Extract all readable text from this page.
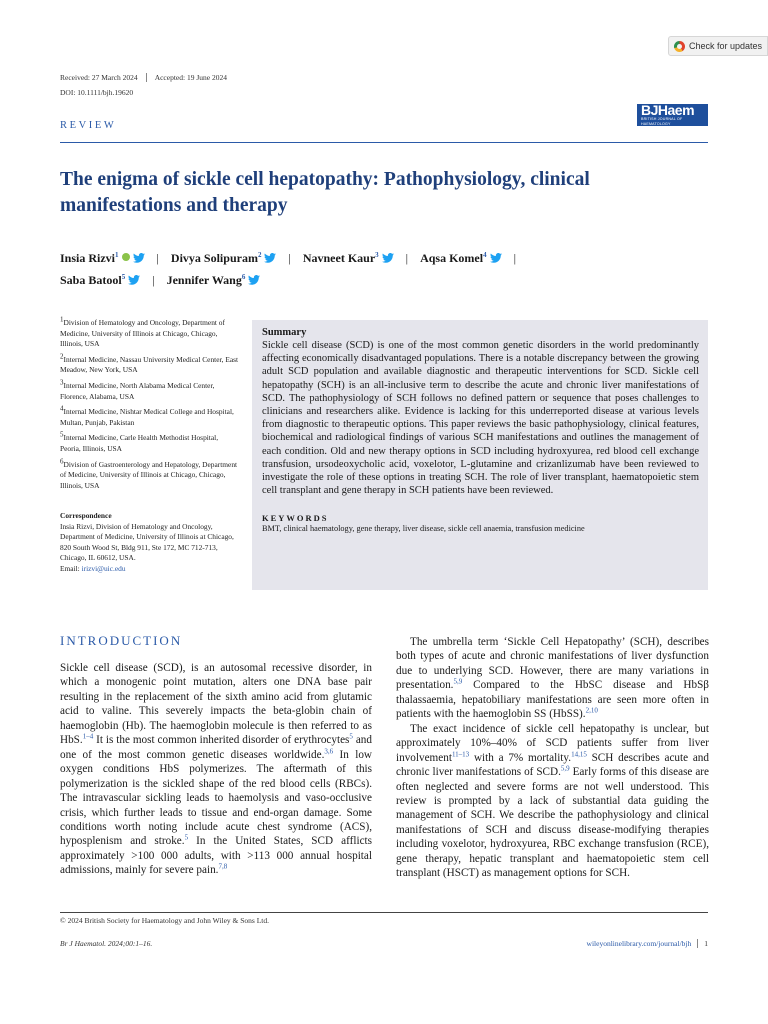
Check for updates
Received: 27 March 2024 Accepted: 19 June 2024
DOI: 10.1111/bjh.19620
REVIEW
BJHaem
BRITISH JOURNAL OF HAEMATOLOGY
The enigma of sickle cell hepatopathy: Pathophysiology, clinical manifestations and therapy
Insia Rizvi$^1$	| Divya Solipuram$^2$ | Navneet Kaur$^3$ | Aqsa Komel$^4$ |
Saba Batool$^5$ | Jennifer Wang$^6$
$^1$Division of Hematology and Oncology, Department of Medicine, University of Illinois at Chicago, Chicago, Illinois, USA
$^2$Internal Medicine, Nassau University Medical Center, East Meadow, New York, USA
$^3$Internal Medicine, North Alabama Medical Center, Florence, Alabama, USA
$^4$Internal Medicine, Nishtar Medical College and Hospital, Multan, Punjab, Pakistan
$^5$Internal Medicine, Carle Health Methodist Hospital, Peoria, Illinois, USA
$^6$Division of Gastroenterology and Hepatology, Department of Medicine, University of Illinois at Chicago, Chicago, Illinois, USA
Correspondence
Insia Rizvi, Division of Hematology and Oncology, Department of Medicine, University of Illinois at Chicago, 820 South Wood St, Bldg 911, Ste 172, MC 712-713, Chicago, IL 60612, USA.
Email: irizvi@uic.edu

Summary

Sickle cell disease (SCD) is one of the most common genetic disorders in the world predominantly affecting economically disadvantaged populations. There is a notable discrepancy between the growing adult SCD population and available diagnostic and therapeutic interventions for SCD. Sickle cell hepatopathy (SCH) is an all-inclusive term to describe the acute and chronic liver manifestations of SCD. The pathophysiology of SCH follows no defined pattern or sequence that poses challenges to clinicians and researchers alike. Evidence is lacking for this underreported disease at various levels from diagnostic to therapeutic options. This paper reviews the basic pathophysiology, clinical features, biochemical and radiological findings of various SCH manifestations and outlines the management of each condition. Old and new therapy options in SCD including hydroxyurea, red blood cell exchange transfusion, ursodeoxycholic acid, voxelotor, L-glutamine and crizanlizumab have been reviewed to investigate the role of these options in treating SCH. The role of liver transplant, haematopoietic stem cell transplant and gene therapy in SCH patients have been reviewed.

KEYWORDS
BMT, clinical haematology, gene therapy, liver disease, sickle cell anaemia, transfusion medicine
INTRODUCTION

Sickle cell disease (SCD), is an autosomal recessive disorder, in which a monogenic point mutation, alters one DNA base pair resulting in the replacement of the sixth amino acid from glutamic acid to valine. This severely impacts the beta-globin chain of haemoglobin (Hb). The haemoglobin molecule is then referred to as HbS.$^{1-4}$ It is the most common inherited disorder of erythrocytes$^5$ and one of the most common genetic diseases worldwide.$^{3,6}$ In low oxygen conditions HbS polymerizes. The aftermath of this polymerization is the sickled shape of the red blood cells (RBCs). The intravascular sickling leads to haemolysis and vaso-occlusive crisis, which further leads to tissue and end-organ damage. Some conditions worth noting include acute chest syndrome (ACS), hyposplenism and stroke.$^5$ In the United States, SCD afflicts approximately >100 000 adults, with >113 000 annual hospital admissions, mainly for severe pain.$^{7,8}$

The umbrella term ‘Sickle Cell Hepatopathy’ (SCH), describes both types of acute and chronic manifestations of liver dysfunction due to underlying SCD. However, there are many variations in presentation.$^{5,9}$ Compared to the HbSC disease and HbSβ thalassaemia, hepatobiliary manifestations are seen more often in patients with the haemoglobin SS (HbSS).$^{2,10}$

The exact incidence of sickle cell hepatopathy is unclear, but approximately 10%–40% of SCD patients suffer from liver involvement$^{11-13}$ with a 7% mortality.$^{14,15}$ SCH describes acute and chronic liver manifestations of SCD.$^{5,9}$ Early forms of this disease are often neglected and severe forms are not well understood. This review is prompted by a lack of substantial data guiding the management of SCH. We describe the pathophysiology and clinical manifestations of SCH and discuss disease-modifying therapies including voxelotor, hydroxyurea, RBC exchange transfusion (RCE), gene therapy, hepatic transplant and haematopoietic stem cell transplant (HSCT) as management options for SCH.

© 2024 British Society for Haematology and John Wiley & Sons Ltd.
Br J Haematol. 2024;00:1–16.	wileyonlinelibrary.com/journal/bjh 1
